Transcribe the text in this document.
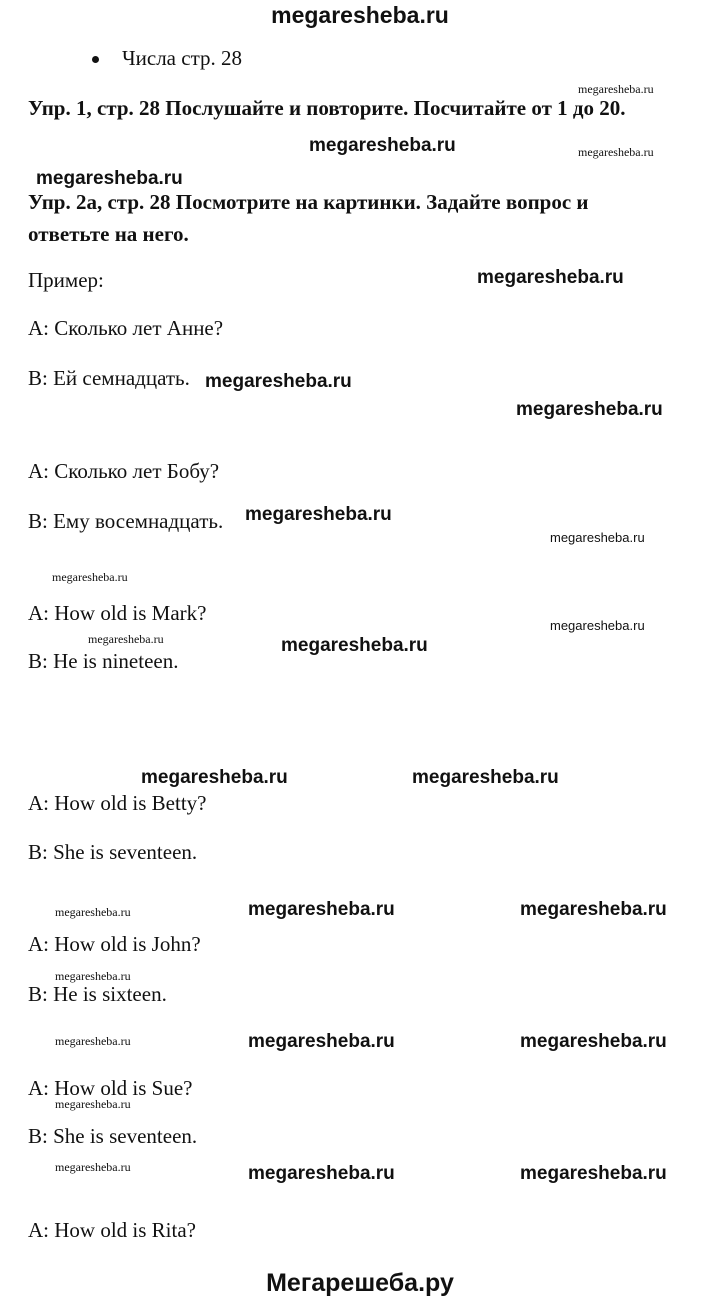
megaresheba.ru
Числа стр. 28
Упр. 1, стр. 28 Послушайте и повторите. Посчитайте от 1 до 20.
Упр. 2а, стр. 28 Посмотрите на картинки. Задайте вопрос и
ответьте на него.
Пример:
A: Сколько лет Анне?
B: Ей семнадцать.
A: Сколько лет Бобу?
B: Ему восемнадцать.
A: How old is Mark?
B: He is nineteen.
A: How old is Betty?
B: She is seventeen.
A: How old is John?
B: He is sixteen.
A: How old is Sue?
B: She is seventeen.
A: How old is Rita?
megaresheba.ru
megaresheba.ru	megaresheba.ru
megaresheba.ru
megaresheba.ru
megaresheba.ru
megaresheba.ru
megaresheba.ru
megaresheba.ru
megaresheba.ru
megaresheba.ru
megaresheba.ru	megaresheba.ru
megaresheba.ru	megaresheba.ru
megaresheba.ru	megaresheba.ru	megaresheba.ru
megaresheba.ru
megaresheba.ru	megaresheba.ru	megaresheba.ru
megaresheba.ru
megaresheba.ru	megaresheba.ru	megaresheba.ru
Мегарешеба.ру
